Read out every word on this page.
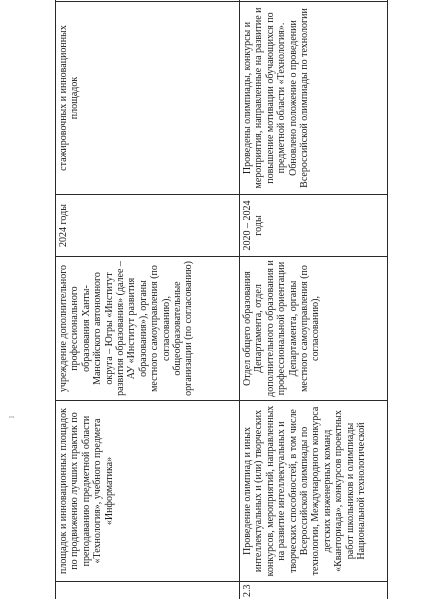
площадок и инновационных площадок по продвижению лучших практик по преподаванию предметной области «Технология», учебного предмета «Информатика»
учреждение дополнительного профессионального образования Ханты-Мансийского автономного округа – Югры «Институт развития образования» (далее – АУ «Институт развития образования»), органы местного самоуправления (по согласованию), общеобразовательные организации (по согласованию)
2024 годы
стажировочных и инновационных площадок
2.3
Проведение олимпиад и иных интеллектуальных и (или) творческих конкурсов, мероприятий, направленных на развитие интеллектуальных и творческих способностей, в том числе Всероссийской олимпиады по технологии, Международного конкурса детских инженерных команд «Кванториада», конкурсов проектных работ школьников и олимпиады Национальной технологической
Отдел общего образования Департамента, отдел дополнительного образования и профессиональной ориентации Департамента, органы местного самоуправления (по согласованию),
2020 – 2024 годы
Проведены олимпиады, конкурсы и мероприятия, направленные на развитие и повышение мотивации обучающихся по предметной области «Технология». Обновлено положение о проведении Всероссийской олимпиады по технологии
ı
